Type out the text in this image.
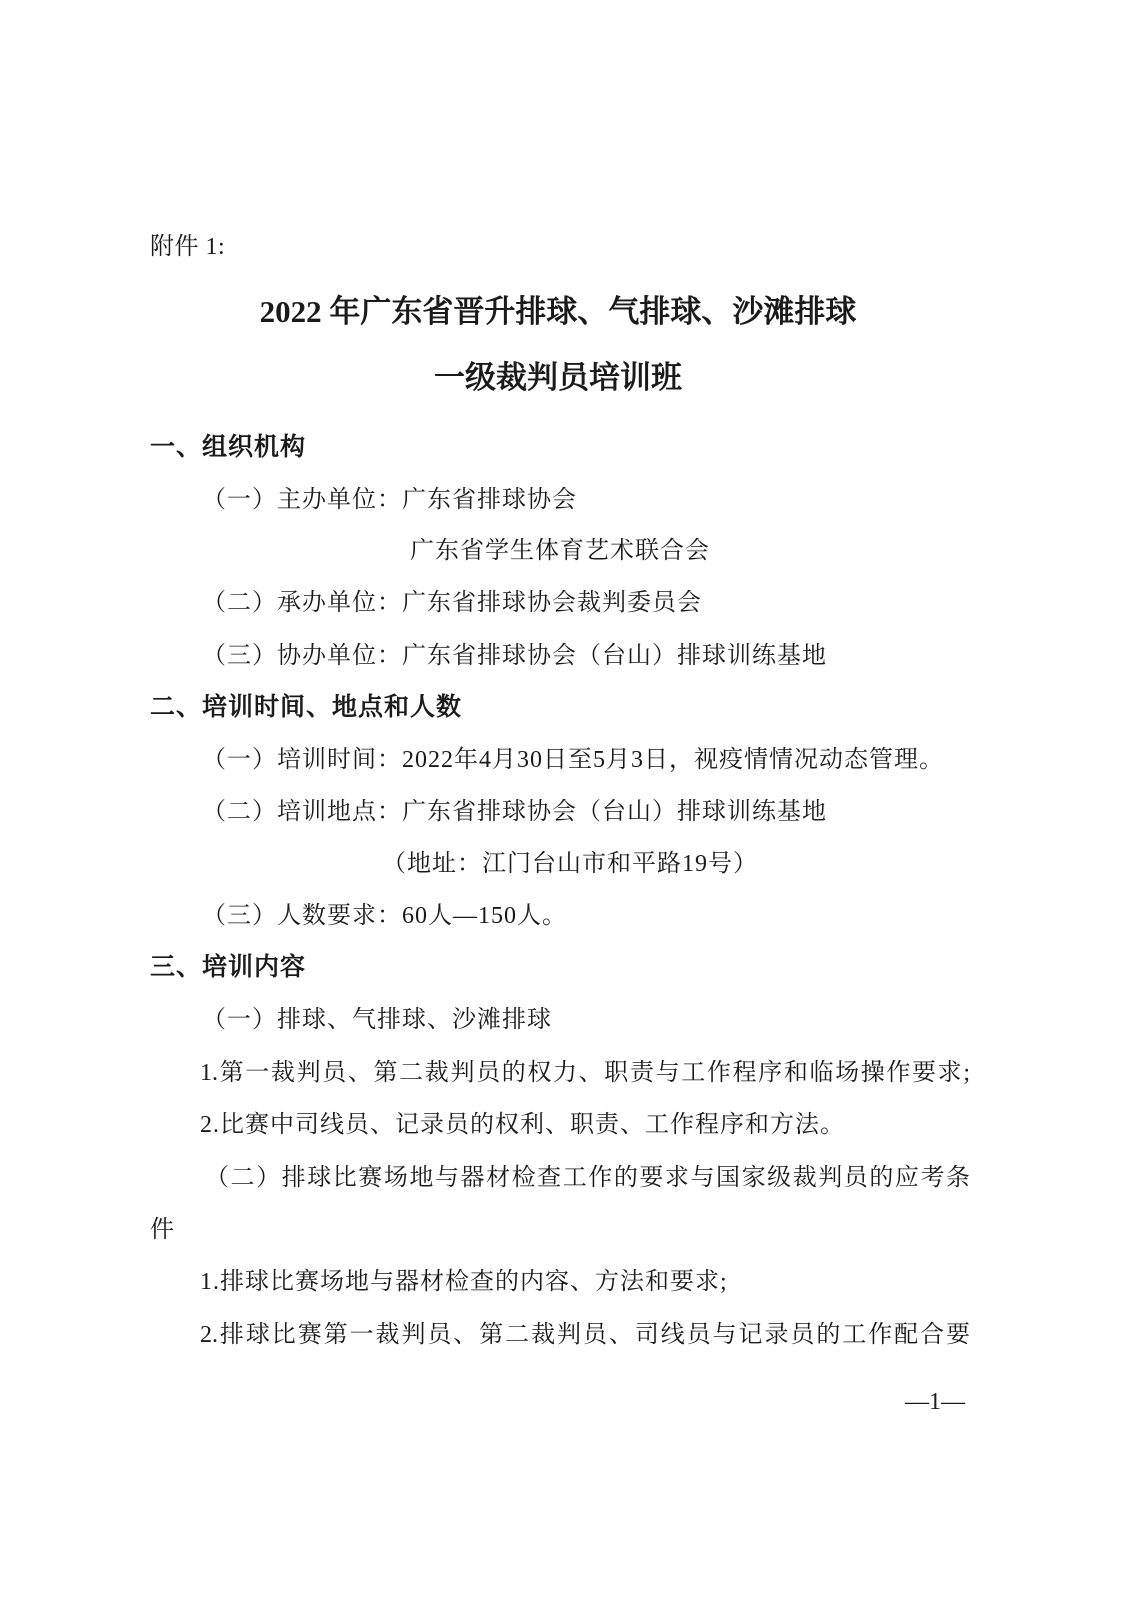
附件 1:
2022 年广东省晋升排球、气排球、沙滩排球
一级裁判员培训班
一、组织机构
（一）主办单位：广东省排球协会
广东省学生体育艺术联合会
（二）承办单位：广东省排球协会裁判委员会
（三）协办单位：广东省排球协会（台山）排球训练基地
二、培训时间、地点和人数
（一）培训时间：2022年4月30日至5月3日，视疫情情况动态管理。
（二）培训地点：广东省排球协会（台山）排球训练基地
（地址：江门台山市和平路19号）
（三）人数要求：60人—150人。
三、培训内容
（一）排球、气排球、沙滩排球
1.第一裁判员、第二裁判员的权力、职责与工作程序和临场操作要求;
2.比赛中司线员、记录员的权利、职责、工作程序和方法。
（二）排球比赛场地与器材检查工作的要求与国家级裁判员的应考条
件
1.排球比赛场地与器材检查的内容、方法和要求;
2.排球比赛第一裁判员、第二裁判员、司线员与记录员的工作配合要
—1—
